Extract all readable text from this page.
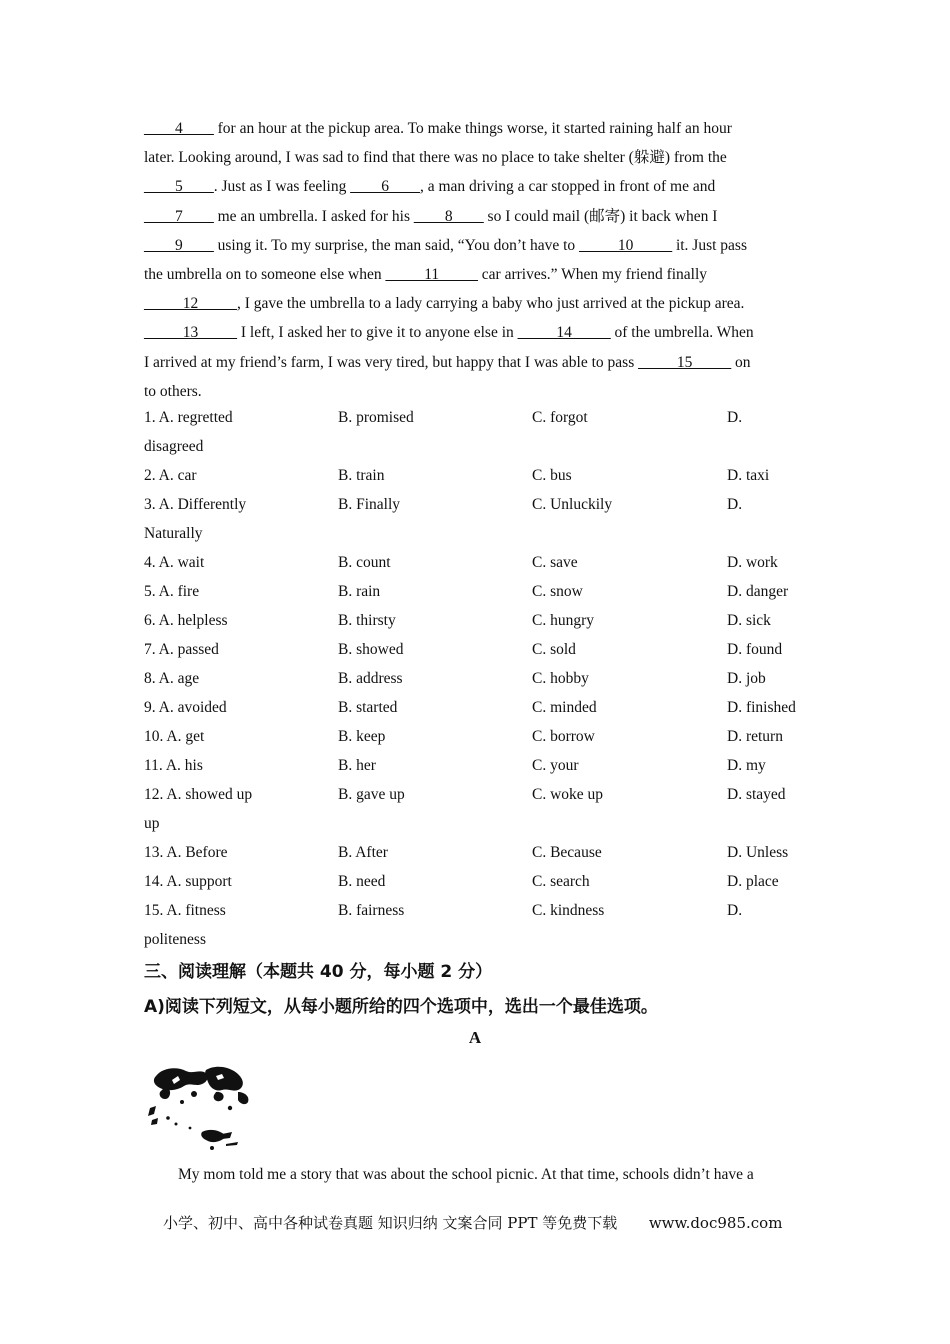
____4____ for an hour at the pickup area. To make things worse, it started raining half an hour

later. Looking around, I was sad to find that there was no place to take shelter (躲避) from the

____5____. Just as I was feeling ____6____, a man driving a car stopped in front of me and

____7____ me an umbrella. I asked for his ____8____ so I could mail (邮寄) it back when I

____9____ using it. To my surprise, the man said, “You don’t have to _____10_____ it. Just pass

the umbrella on to someone else when _____11_____ car arrives.” When my friend finally

_____12_____, I gave the umbrella to a lady carrying a baby who just arrived at the pickup area.

_____13_____ I left, I asked her to give it to anyone else in _____14_____ of the umbrella. When

I arrived at my friend’s farm, I was very tired, but happy that I was able to pass _____15_____ on

to others.

1. A. regretted	B. promised	C. forgot	D.
disagreed
2. A. car	B. train	C. bus	D. taxi
3. A. Differently	B. Finally	C. Unluckily	D.
Naturally
4. A. wait	B. count	C. save	D. work
5. A. fire	B. rain	C. snow	D. danger
6. A. helpless	B. thirsty	C. hungry	D. sick
7. A. passed	B. showed	C. sold	D. found
8. A. age	B. address	C. hobby	D. job
9. A. avoided	B. started	C. minded	D. finished
10. A. get	B. keep	C. borrow	D. return
11. A. his	B. her	C. your	D. my
12. A. showed up	B. gave up	C. woke up	D. stayed
up
13. A. Before	B. After	C. Because	D. Unless
14. A. support	B. need	C. search	D. place
15. A. fitness	B. fairness	C. kindness	D.
politeness
三、阅读理解（本题共 40 分，每小题 2 分）
A)阅读下列短文，从每小题所给的四个选项中，选出一个最佳选项。
A
My mom told me a story that was about the school picnic. At that time, schools didn’t have a
小学、初中、高中各种试卷真题 知识归纳 文案合同 PPT 等免费下载 www.doc985.com
